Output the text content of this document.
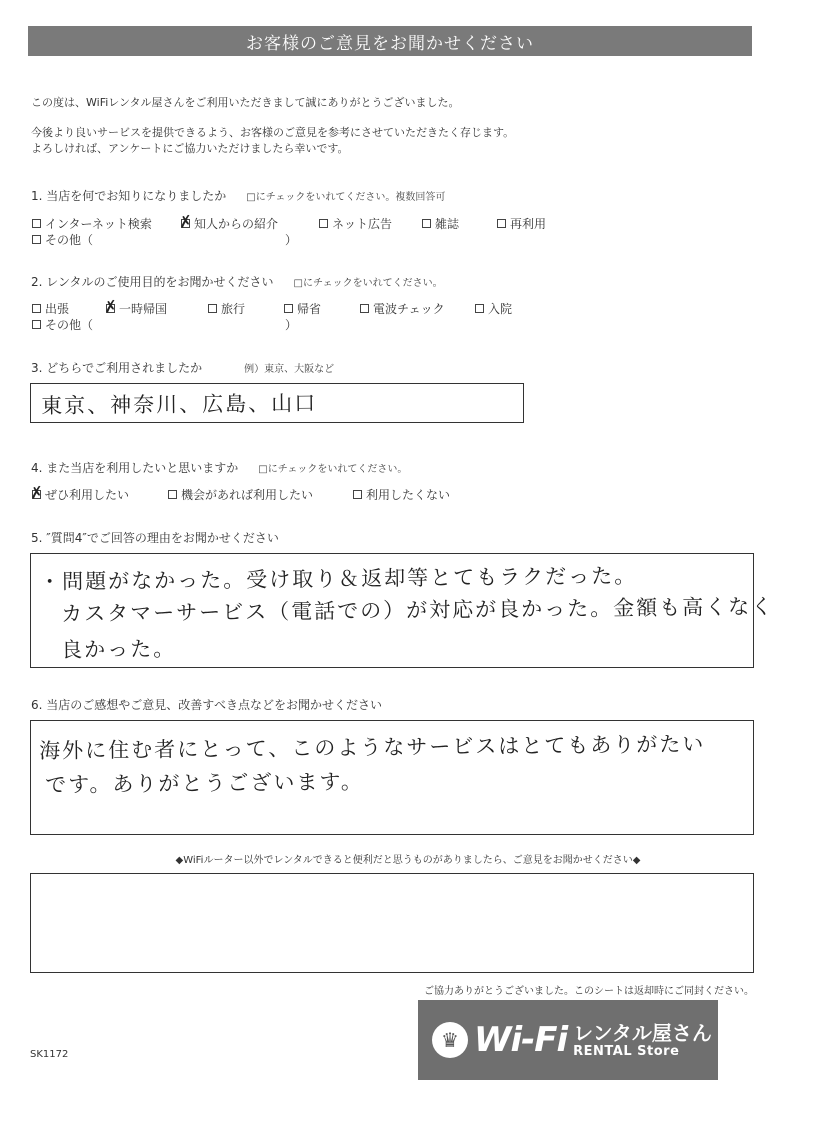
お客様のご意見をお聞かせください
この度は、WiFiレンタル屋さんをご利用いただきまして誠にありがとうございました。
今後より良いサービスを提供できるよう、お客様のご意見を参考にさせていただきたく存じます。
よろしければ、アンケートにご協力いただけましたら幸いです。
1. 当店を何でお知りになりましたか □にチェックをいれてください。複数回答可
インターネット検索 ✗ 知人からの紹介	ネット広告	雑誌	再利用
その他（	）
2. レンタルのご使用目的をお聞かせください □にチェックをいれてください。
出張 ✗ 一時帰国	旅行	帰省	電波チェック	入院
その他（	）
3. どちらでご利用されましたか	例）東京、大阪など
東京、神奈川、広島、山口
4. また当店を利用したいと思いますか □にチェックをいれてください。
✗ ぜひ利用したい	機会があれば利用したい	利用したくない
5. ″質問4″でご回答の理由をお聞かせください
・問題がなかった。受け取り＆返却等とてもラクだった。
カスタマーサービス（電話での）が対応が良かった。金額も高くなく
良かった。
6. 当店のご感想やご意見、改善すべき点などをお聞かせください
海外に住む者にとって、このようなサービスはとてもありがたい
です。ありがとうございます。
◆WiFiルーター以外でレンタルできると便利だと思うものがありましたら、ご意見をお聞かせください◆
ご協力ありがとうございました。このシートは返却時にご同封ください。
SK1172
♛ Wi-Fi レンタル屋さん
RENTAL Store
